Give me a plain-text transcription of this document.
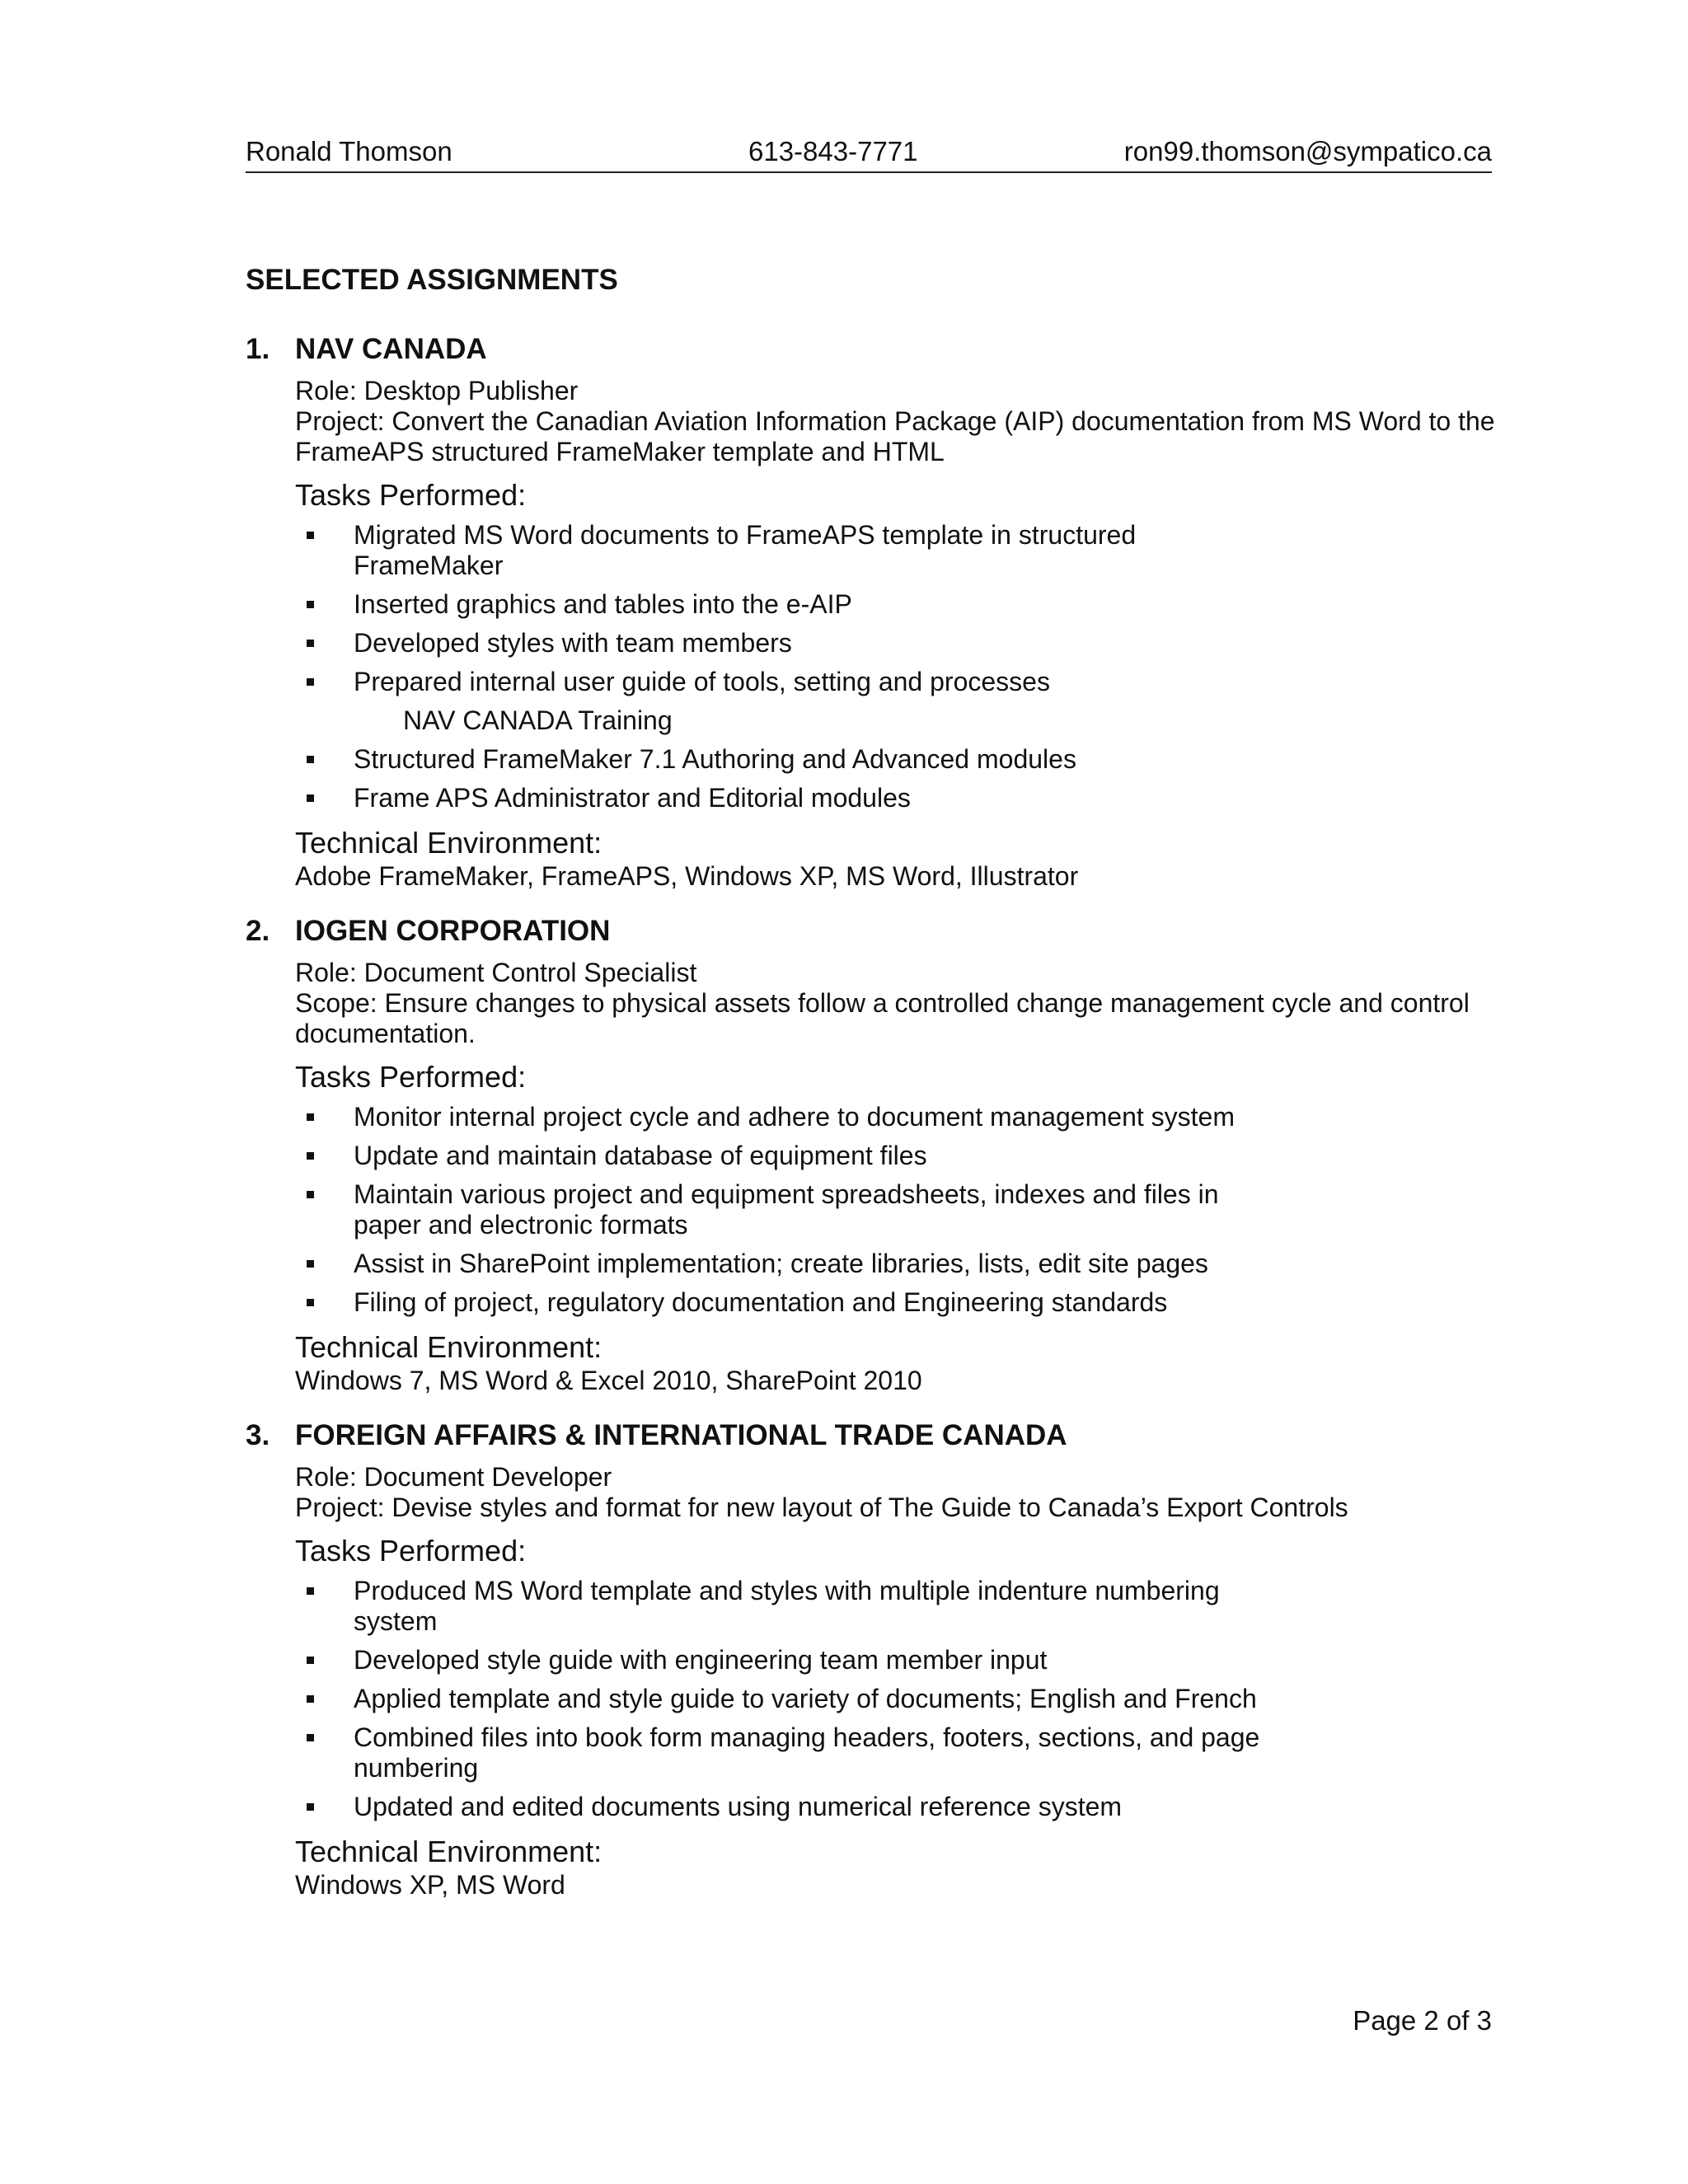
Ronald Thomson	613-843-7771	ron99.thomson@sympatico.ca
SELECTED ASSIGNMENTS
1. NAV CANADA
Role: Desktop Publisher
Project: Convert the Canadian Aviation Information Package (AIP) documentation from MS Word to the FrameAPS structured FrameMaker template and HTML
Tasks Performed:
Migrated MS Word documents to FrameAPS template in structured FrameMaker
Inserted graphics and tables into the e-AIP
Developed styles with team members
Prepared internal user guide of tools, setting and processes
NAV CANADA Training
Structured FrameMaker 7.1 Authoring and Advanced modules
Frame APS Administrator and Editorial modules
Technical Environment:
Adobe FrameMaker, FrameAPS, Windows XP, MS Word, Illustrator
2. IOGEN CORPORATION
Role: Document Control Specialist
Scope: Ensure changes to physical assets follow a controlled change management cycle and control documentation.
Tasks Performed:
Monitor internal project cycle and adhere to document management system
Update and maintain database of equipment files
Maintain various project and equipment spreadsheets, indexes and files in paper and electronic formats
Assist in SharePoint implementation; create libraries, lists, edit site pages
Filing of project, regulatory documentation and Engineering standards
Technical Environment:
Windows 7, MS Word & Excel 2010, SharePoint 2010
3. FOREIGN AFFAIRS & INTERNATIONAL TRADE CANADA
Role: Document Developer
Project: Devise styles and format for new layout of The Guide to Canada’s Export Controls
Tasks Performed:
Produced MS Word template and styles with multiple indenture numbering system
Developed style guide with engineering team member input
Applied template and style guide to variety of documents; English and French
Combined files into book form managing headers, footers, sections, and page numbering
Updated and edited documents using numerical reference system
Technical Environment:
Windows XP, MS Word
Page 2 of 3
